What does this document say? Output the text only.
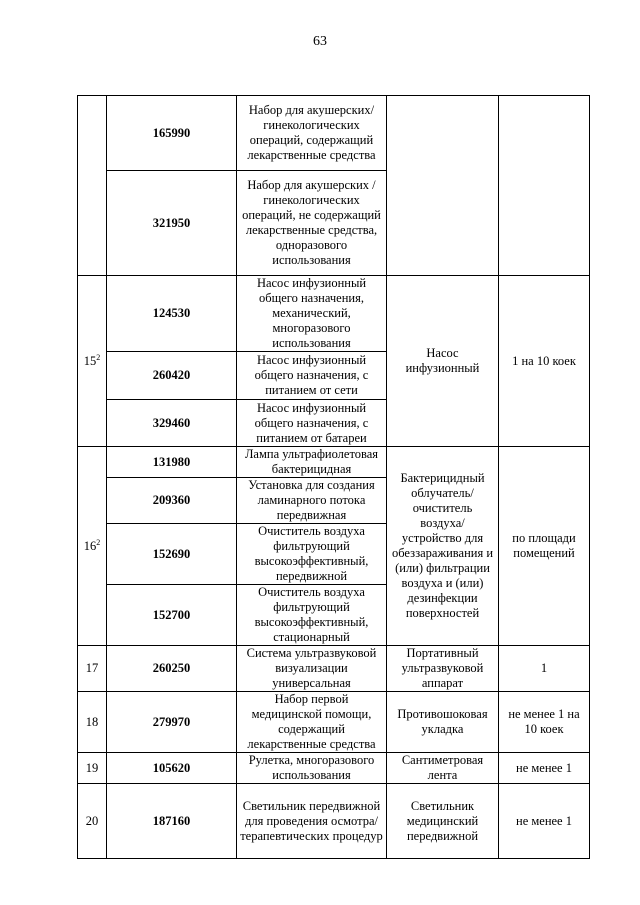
63
	165990	Набор для акушерских/гинекологических операций, содержащий лекарственные средства		
	321950	Набор для акушерских /гинекологических операций, не содержащий лекарственные средства, одноразового использования		
$15^2$	124530	Насос инфузионный общего назначения, механический, многоразового использования	Насос инфузионный	1 на 10 коек
	260420	Насос инфузионный общего назначения, с питанием от сети		
	329460	Насос инфузионный общего назначения, с питанием от батареи		
$16^2$	131980	Лампа ультрафиолетовая бактерицидная	Бактерицидный облучатель/ очиститель воздуха/ устройство для обеззараживания и (или) фильтрации воздуха и (или) дезинфекции поверхностей	по площади помещений
	209360	Установка для создания ламинарного потока передвижная		
	152690	Очиститель воздуха фильтрующий высокоэффективный, передвижной		
	152700	Очиститель воздуха фильтрующий высокоэффективный, стационарный		
17	260250	Система ультразвуковой визуализации универсальная	Портативный ультразвуковой аппарат	1
18	279970	Набор первой медицинской помощи, содержащий лекарственные средства	Противошоковая укладка	не менее 1 на 10 коек
19	105620	Рулетка, многоразового использования	Сантиметровая лента	не менее 1
20	187160	Светильник передвижной для проведения осмотра/терапевтических процедур	Светильник медицинский передвижной	не менее 1
